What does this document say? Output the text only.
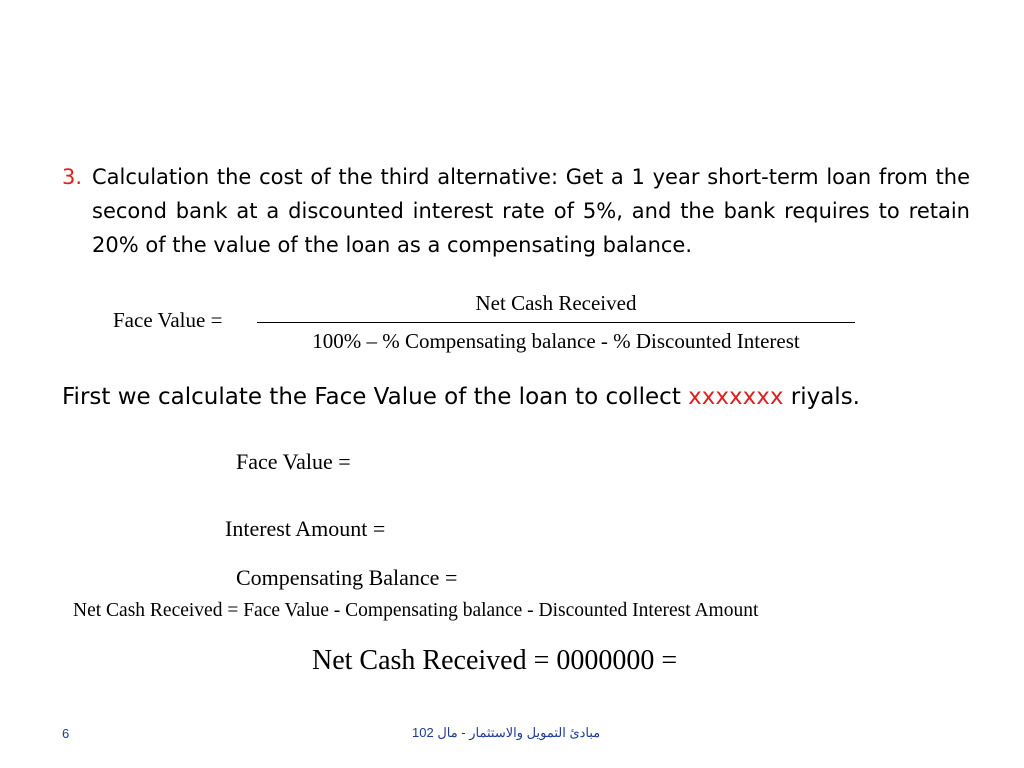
3. Calculation the cost of the third alternative: Get a 1 year short-term loan from the second bank at a discounted interest rate of 5%, and the bank requires to retain 20% of the value of the loan as a compensating balance.
Face Value =
Net Cash Received
100% – % Compensating balance - % Discounted Interest
First we calculate the Face Value of the loan to collect xxxxxxx riyals.
Face Value =
Interest Amount =
Compensating Balance =
Net Cash Received = Face Value - Compensating balance - Discounted Interest Amount
Net Cash Received = 0000000 =
6	مبادئ التمويل والاستثمار - مال 102
